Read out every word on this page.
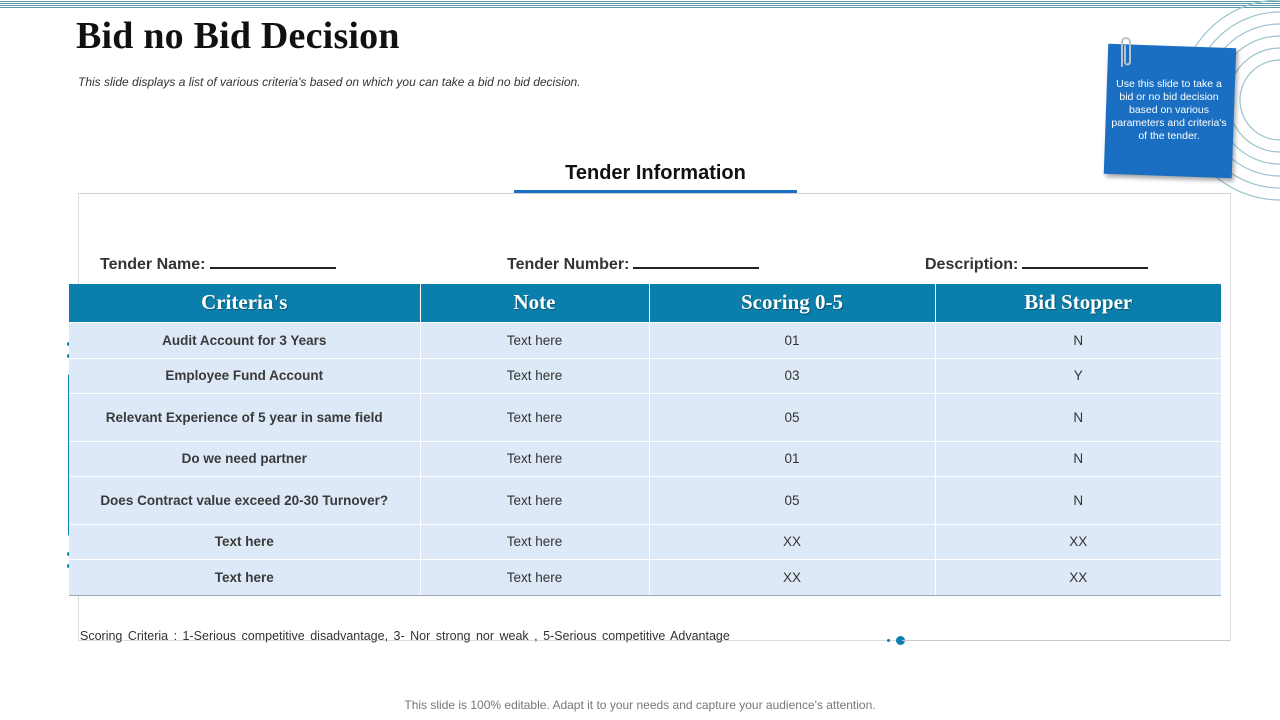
Bid no Bid Decision

This slide displays a list of various criteria's based on which you can take a bid no bid decision.	Use this slide to take a bid or no bid decision based on various parameters and criteria's of the tender.

Tender Information
Tender Name:	Tender Number:	Description:
Criteria's	Note	Scoring 0-5	Bid Stopper
Audit Account for 3 Years	Text here	01	N
Employee Fund Account	Text here	03	Y
Relevant Experience of 5 year in same field	Text here	05	N
Do we need partner	Text here	01	N
Does Contract value exceed 20-30 Turnover?	Text here	05	N
Text here	Text here	XX	XX
Text here	Text here	XX	XX

Scoring Criteria : 1-Serious competitive disadvantage, 3- Nor strong nor weak , 5-Serious competitive Advantage

This slide is 100% editable. Adapt it to your needs and capture your audience's attention.
